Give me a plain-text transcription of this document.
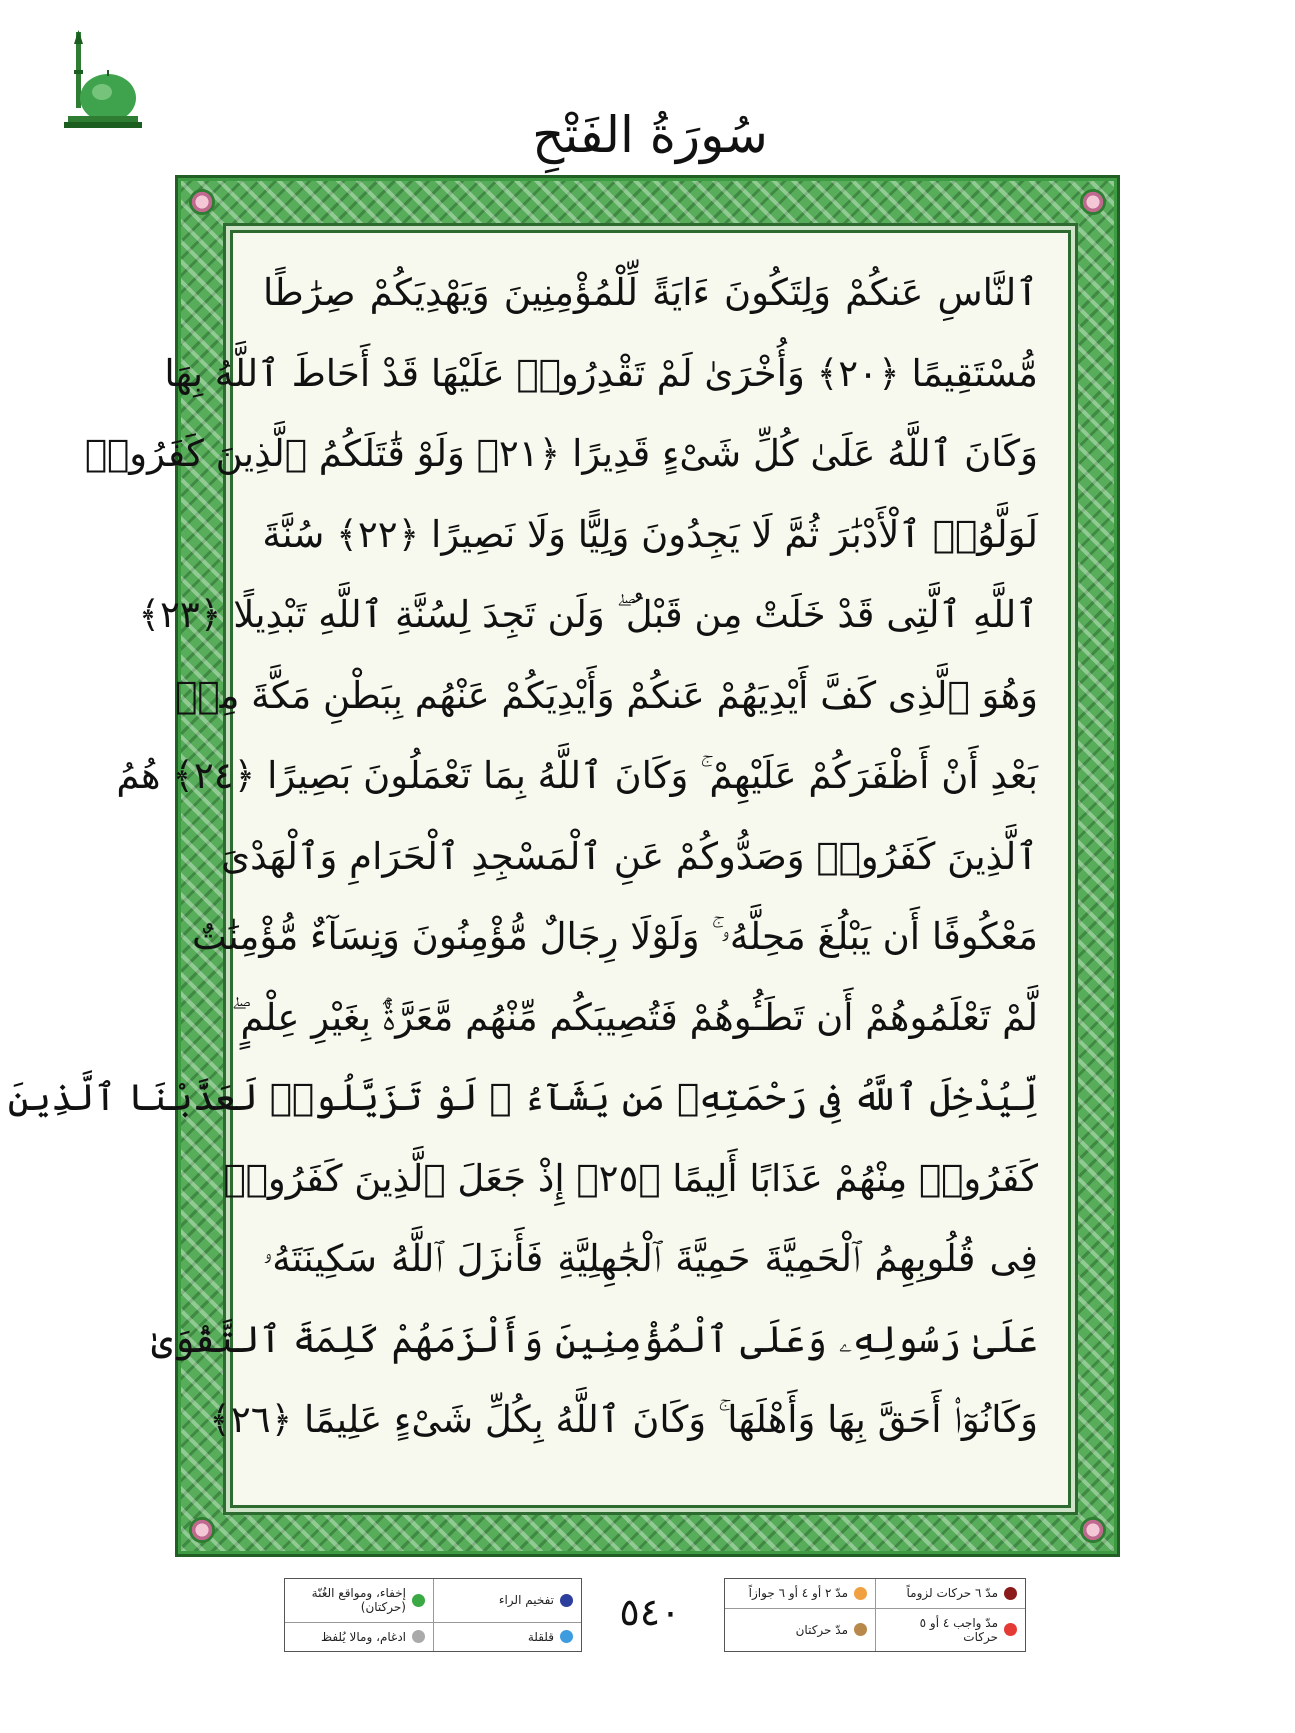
سُورَةُ الفَتْحِ
ٱلنَّاسِ عَنكُمْ وَلِتَكُونَ ءَايَةً لِّلْمُؤْمِنِينَ وَيَهْدِيَكُمْ صِرَٰطًا
مُّسْتَقِيمًا ﴿٢٠﴾ وَأُخْرَىٰ لَمْ تَقْدِرُوا۟ عَلَيْهَا قَدْ أَحَاطَ ٱللَّهُ بِهَا
وَكَانَ ٱللَّهُ عَلَىٰ كُلِّ شَىْءٍ قَدِيرًا ﴿٢١﴾ وَلَوْ قَٰتَلَكُمُ ٱلَّذِينَ كَفَرُوا۟
لَوَلَّوُا۟ ٱلْأَدْبَٰرَ ثُمَّ لَا يَجِدُونَ وَلِيًّا وَلَا نَصِيرًا ﴿٢٢﴾ سُنَّةَ
ٱللَّهِ ٱلَّتِى قَدْ خَلَتْ مِن قَبْلُ ۖ وَلَن تَجِدَ لِسُنَّةِ ٱللَّهِ تَبْدِيلًا ﴿٢٣﴾
وَهُوَ ٱلَّذِى كَفَّ أَيْدِيَهُمْ عَنكُمْ وَأَيْدِيَكُمْ عَنْهُم بِبَطْنِ مَكَّةَ مِنۢ
بَعْدِ أَنْ أَظْفَرَكُمْ عَلَيْهِمْ ۚ وَكَانَ ٱللَّهُ بِمَا تَعْمَلُونَ بَصِيرًا ﴿٢٤﴾ هُمُ
ٱلَّذِينَ كَفَرُوا۟ وَصَدُّوكُمْ عَنِ ٱلْمَسْجِدِ ٱلْحَرَامِ وَٱلْهَدْىَ
مَعْكُوفًا أَن يَبْلُغَ مَحِلَّهُۥ ۚ وَلَوْلَا رِجَالٌ مُّؤْمِنُونَ وَنِسَآءٌ مُّؤْمِنَٰتٌ
لَّمْ تَعْلَمُوهُمْ أَن تَطَـُٔوهُمْ فَتُصِيبَكُم مِّنْهُم مَّعَرَّةٌۢ بِغَيْرِ عِلْمٍ ۖ
لِّيُدْخِلَ ٱللَّهُ فِى رَحْمَتِهِۦ مَن يَشَآءُ ۚ لَوْ تَزَيَّلُوا۟ لَعَذَّبْنَا ٱلَّذِينَ
كَفَرُوا۟ مِنْهُمْ عَذَابًا أَلِيمًا ﴿٢٥﴾ إِذْ جَعَلَ ٱلَّذِينَ كَفَرُوا۟
فِى قُلُوبِهِمُ ٱلْحَمِيَّةَ حَمِيَّةَ ٱلْجَٰهِلِيَّةِ فَأَنزَلَ ٱللَّهُ سَكِينَتَهُۥ
عَلَىٰ رَسُولِهِۦ وَعَلَى ٱلْمُؤْمِنِينَ وَأَلْزَمَهُمْ كَلِمَةَ ٱلتَّقْوَىٰ
وَكَانُوٓا۟ أَحَقَّ بِهَا وَأَهْلَهَا ۚ وَكَانَ ٱللَّهُ بِكُلِّ شَىْءٍ عَلِيمًا ﴿٢٦﴾
تفخيم الراء
إخفاء، ومواقع الغُنّة (حركتان)
قلقلة
ادغام، ومالا يُلفظ
٥٤٠	مدّ ٦ حركات لزوماً
مدّ ٢ أو ٤ أو ٦ جوازاً
مدّ واجب ٤ أو ٥ حركات
مدّ حركتان
